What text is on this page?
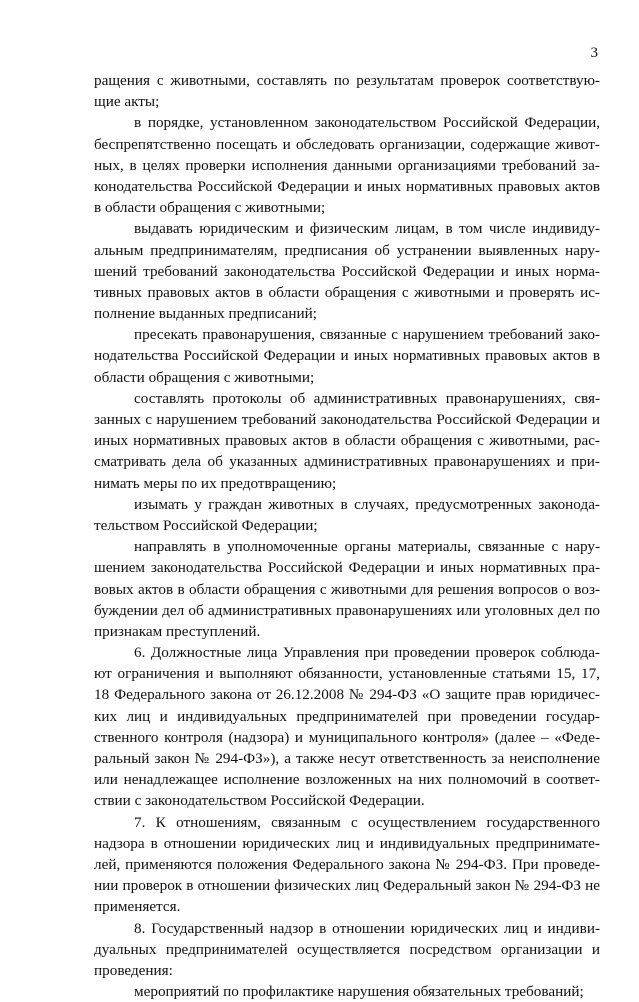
3
ращения с животными, составлять по результатам проверок соответствую-
щие акты;
в порядке, установленном законодательством Российской Федерации,
беспрепятственно посещать и обследовать организации, содержащие живот-
ных, в целях проверки исполнения данными организациями требований за-
конодательства Российской Федерации и иных нормативных правовых актов
в области обращения с животными;
выдавать юридическим и физическим лицам, в том числе индивиду-
альным предпринимателям, предписания об устранении выявленных нару-
шений требований законодательства Российской Федерации и иных норма-
тивных правовых актов в области обращения с животными и проверять ис-
полнение выданных предписаний;
пресекать правонарушения, связанные с нарушением требований зако-
нодательства Российской Федерации и иных нормативных правовых актов в
области обращения с животными;
составлять протоколы об административных правонарушениях, свя-
занных с нарушением требований законодательства Российской Федерации и
иных нормативных правовых актов в области обращения с животными, рас-
сматривать дела об указанных административных правонарушениях и при-
нимать меры по их предотвращению;
изымать у граждан животных в случаях, предусмотренных законода-
тельством Российской Федерации;
направлять в уполномоченные органы материалы, связанные с нару-
шением законодательства Российской Федерации и иных нормативных пра-
вовых актов в области обращения с животными для решения вопросов о воз-
буждении дел об административных правонарушениях или уголовных дел по
признакам преступлений.
6. Должностные лица Управления при проведении проверок соблюда-
ют ограничения и выполняют обязанности, установленные статьями 15, 17,
18 Федерального закона от 26.12.2008 № 294-ФЗ «О защите прав юридичес-
ких лиц и индивидуальных предпринимателей при проведении государ-
ственного контроля (надзора) и муниципального контроля» (далее – «Феде-
ральный закон № 294-ФЗ»), а также несут ответственность за неисполнение
или ненадлежащее исполнение возложенных на них полномочий в соответ-
ствии с законодательством Российской Федерации.
7. К отношениям, связанным с осуществлением государственного
надзора в отношении юридических лиц и индивидуальных предпринимате-
лей, применяются положения Федерального закона № 294-ФЗ. При проведе-
нии проверок в отношении физических лиц Федеральный закон № 294-ФЗ не
применяется.
8. Государственный надзор в отношении юридических лиц и индиви-
дуальных предпринимателей осуществляется посредством организации и
проведения:
мероприятий по профилактике нарушения обязательных требований;
